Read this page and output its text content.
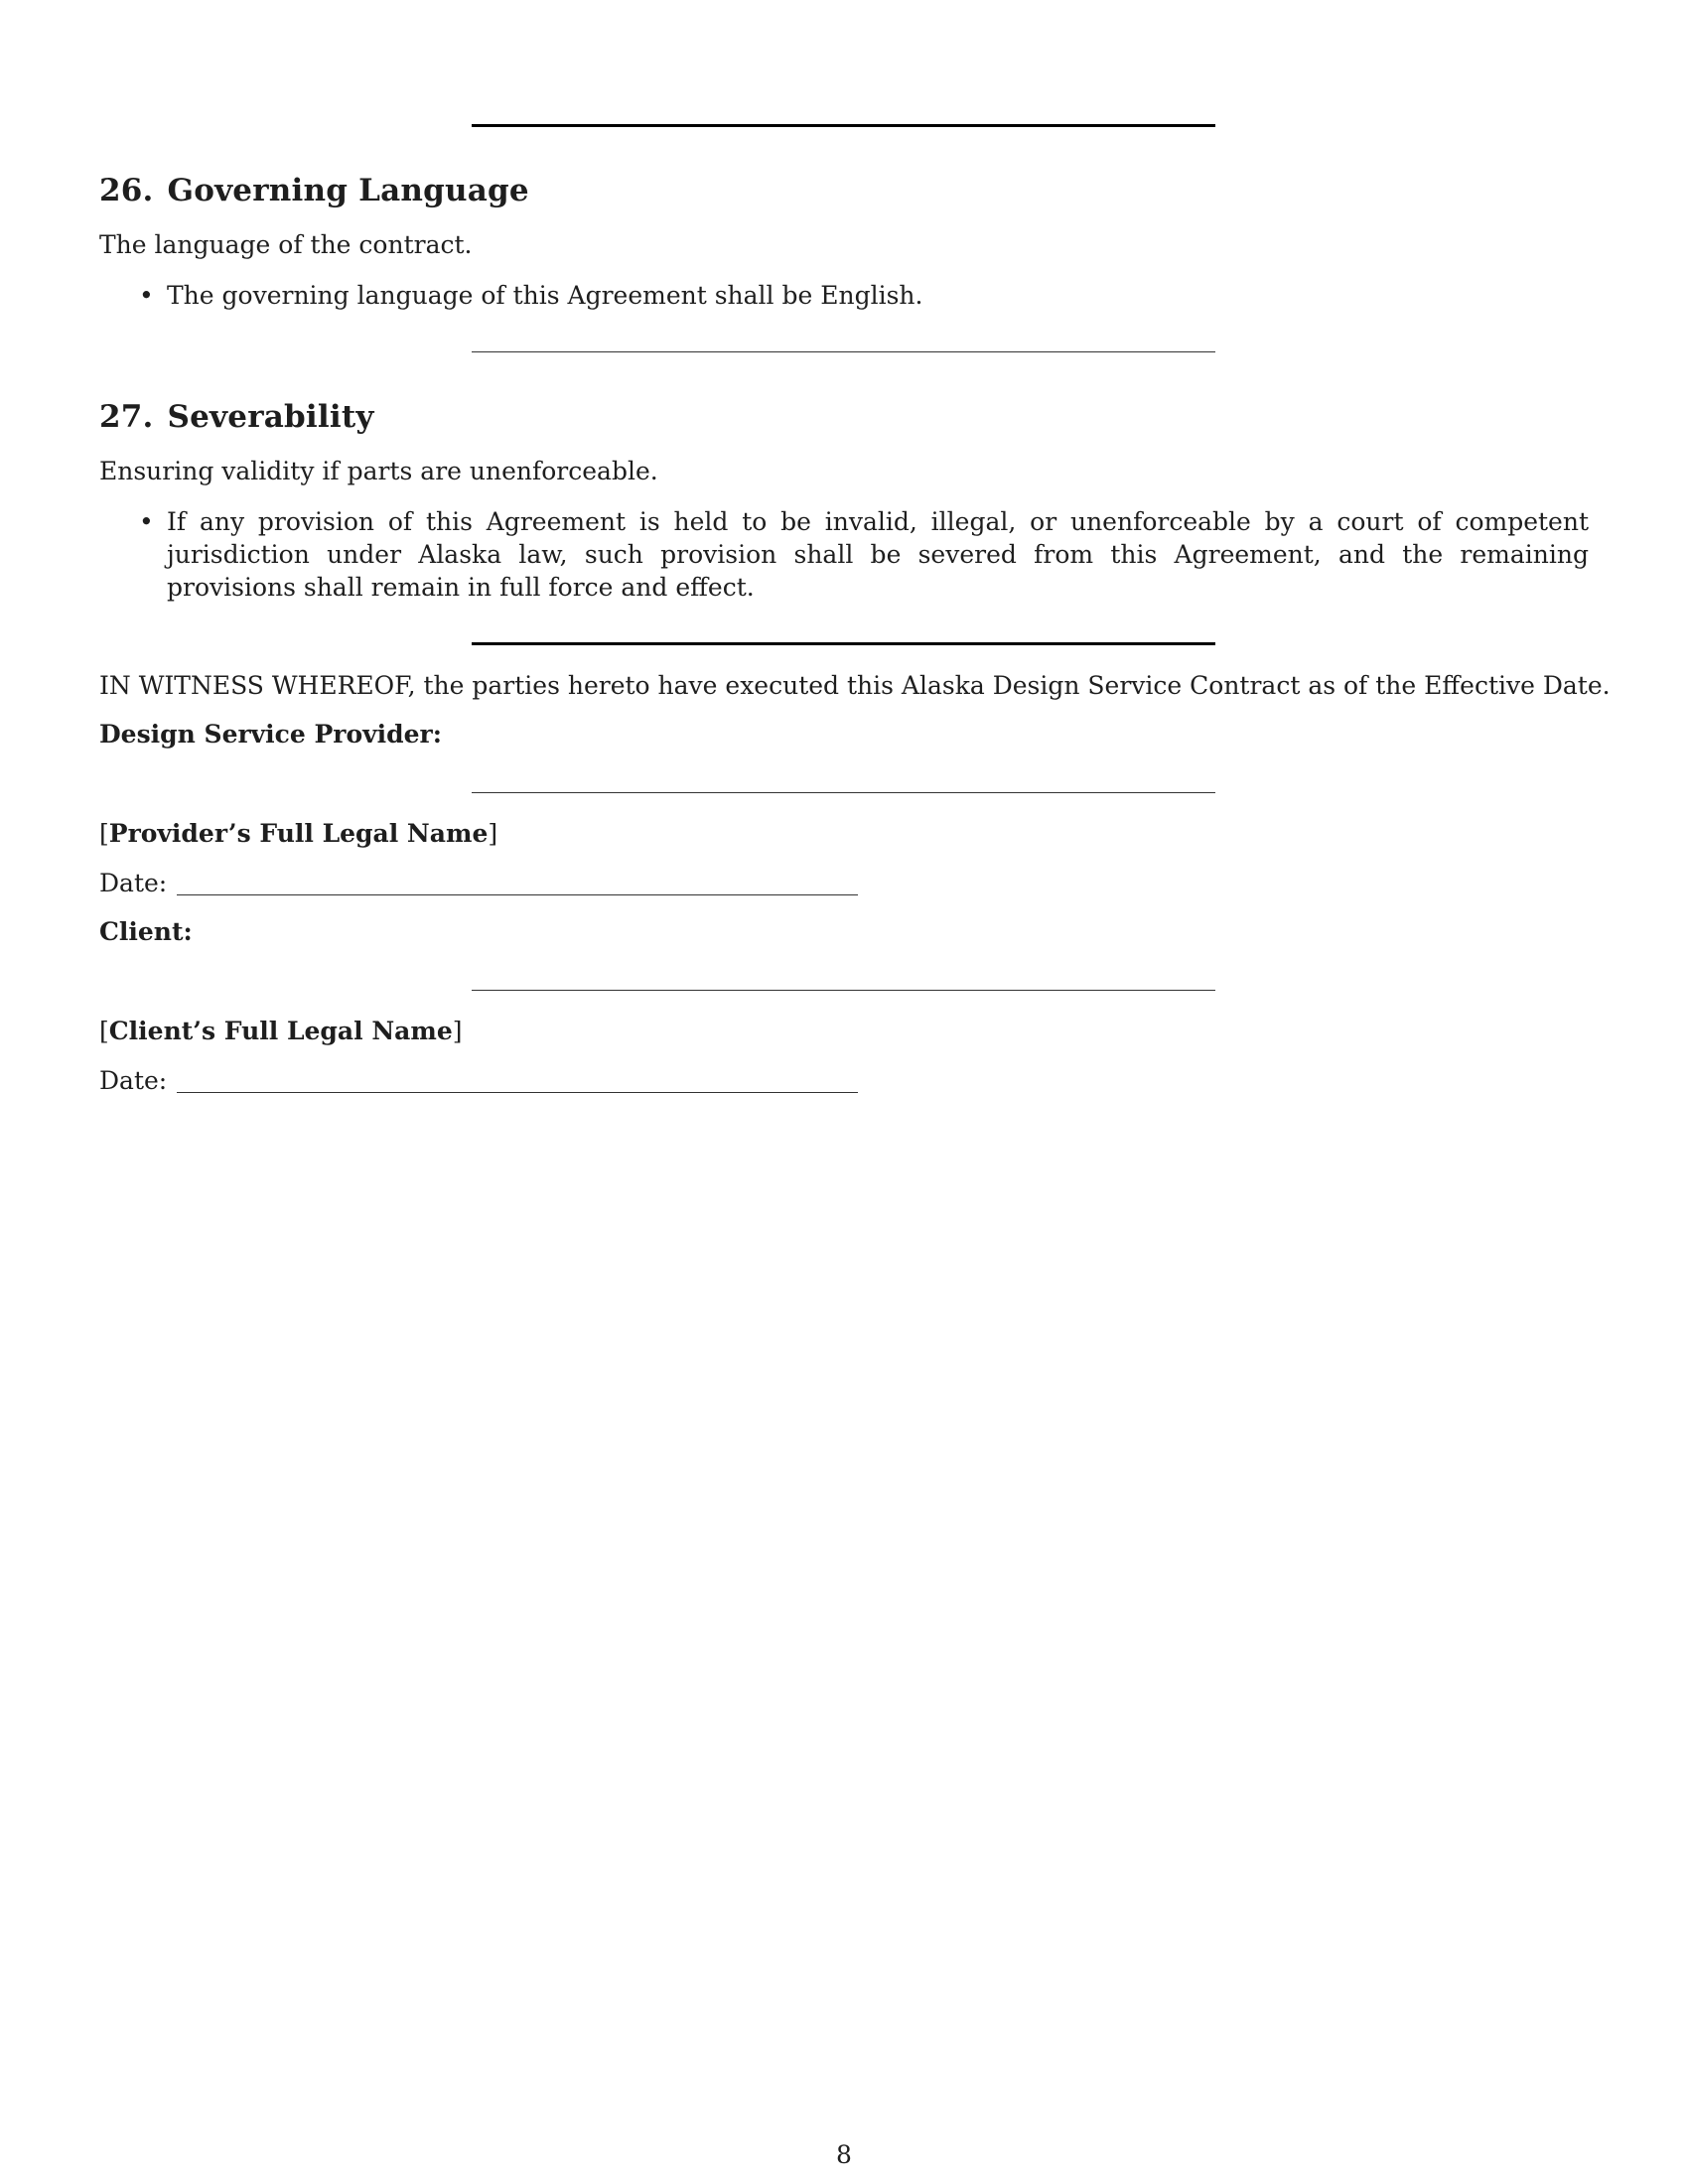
26. Governing Language

The language of the contract.

• The governing language of this Agreement shall be English.

27. Severability

Ensuring validity if parts are unenforceable.

• If any provision of this Agreement is held to be invalid, illegal, or unenforceable by a court of competent jurisdiction under Alaska law, such provision shall be severed from this Agreement, and the remaining provisions shall remain in full force and effect.

IN WITNESS WHEREOF, the parties hereto have executed this Alaska Design Service Contract as of the Effective Date.

Design Service Provider:

[Provider’s Full Legal Name]

Date:

Client:

[Client’s Full Legal Name]

Date:

8
